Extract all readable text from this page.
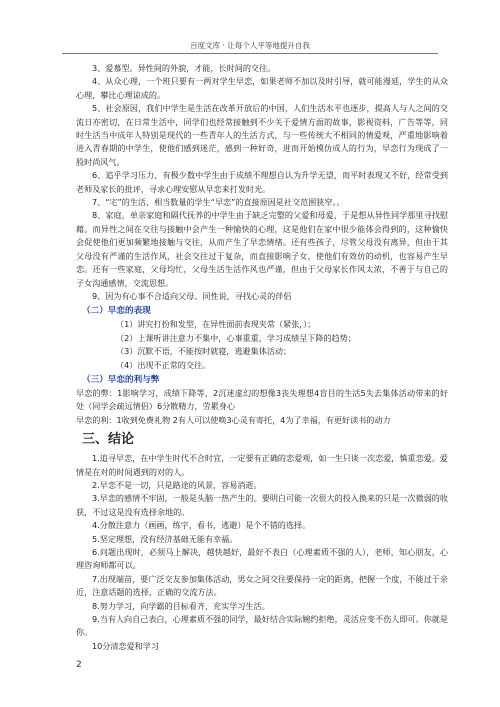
百度文库 · 让每个人平等地提升自我

3、爱慕型。异性间的外貌，才能，长时间的交往。

4、从众心理，一个班只要有一两对学生早恋，如果老师不加以及时引导，就可能漫延，学生的从众心理，攀比心理谅成的。

5、社会原因，我们中学生是生活在改革开放后的中国，人们生活水平也逐步，提高人与人之间的交流日亦密切，在日常生活中，同学们也经常接触到不少关于爱情方面的故事，影视资料，广告等等，同时生活当中成年人特别是现代的一些青年人的生活方式，与一些传统大不相同的情爱观，严重地影响着进入青春期的中学生，使他们感到迷茫，感到一种好奇，进而开始模仿成人的行为，早恋行为现成了一股时尚风气。

6、追乎学习压力，有极少数中学生由于成绩不理想自认为升学无望，而平时表现又不好，经常受到老师及家长的批评，寻求心理安慰从早恋来打发时光。

7、“宅”的生活，相当数量的学生“早恋”的直接原因是社交范围狭窄。。

8、家庭，单亲家庭和隔代抚养的中学生由于缺乏完整的父爱和母爱，于是想从异性同学那里寻找慰藉。而异性之间在交往与接触中会产生一种愉快的心理，这是他们在家中很少能体会得到的，这种愉快会促使他们更加频繁地接触与交往，从而产生了早恋情绪。还有些孩子，尽管父母没有离异，但由于其父母没有严谨的生活作风，社会交往过于复杂，而直接影响子女，使他们有效仿的动机，也容易产生早恋。还有一些家庭，父母均忙，父母生活生活作风也严谨，但由于父母家长作风太浓，不善于与自己的子女沟通感情，交流思想。

9、因为有心事不合适向父母、同性说，寻找心灵的伴侣

（二）早恋的表现

（1）讲究打扮和发型，在异性面前表现夹常（紧张，）；

（2）上课听讲注意力不集中，心事重重，学习成绩呈下降的趋势；

（3）沉默不语，不能按时就寝，逃避集体活动；

（4）出现不正常的交往。

（三）早恋的利与弊

早恋的弊：1影响学习，成绩下降等，2沉迷虚幻的想像3丧失理想4盲目的生活5失去集体活动带来的好处（同学会疏远情侣）6分散精力，劳累身心

早恋的利：1收到免费礼物 2有人可以使唤3心灵有寄托，4为了幸福，有更好读书的动力

三、结论

1.追寻早恋，在中学生时代不合时宜，一定要有正确的恋爱观，如一生只谈一次恋爱，慎重恋爱。爱情是在对的时间遇到的对的人。

2.早恋不是一切，只是路途的风景，容易消逝。

3.早恋的感情不牢固，一般是头脑一热产生的。要明白可能一次很大的投入换来的只是一次微弱的收获，不过这是没有选择余地的。

4.分散注意力（画画，练字，看书，逃避）是个不错的选择。

5.坚定理想，没有经济基础无能有幸福。

6.问题出现时，必须马上解决，越快越好，最好不表白（心理素质不强的人），老师，知心朋友，心理咨询师都可以。

7.出现端苗，要广泛交友参加集体活动，男女之间交往要保持一定的距离，把握一个度，不能过于亲近，注意话题的选择，正确的交流方法。

8.努力学习，向学霸的目标看齐，充实学习生活。

9.当有人向自己表白，心理素质不强的同学，最好结合实际婉约拒绝，灵活应变不伤人即可。你就是你。

10分清恋爱和学习

2
